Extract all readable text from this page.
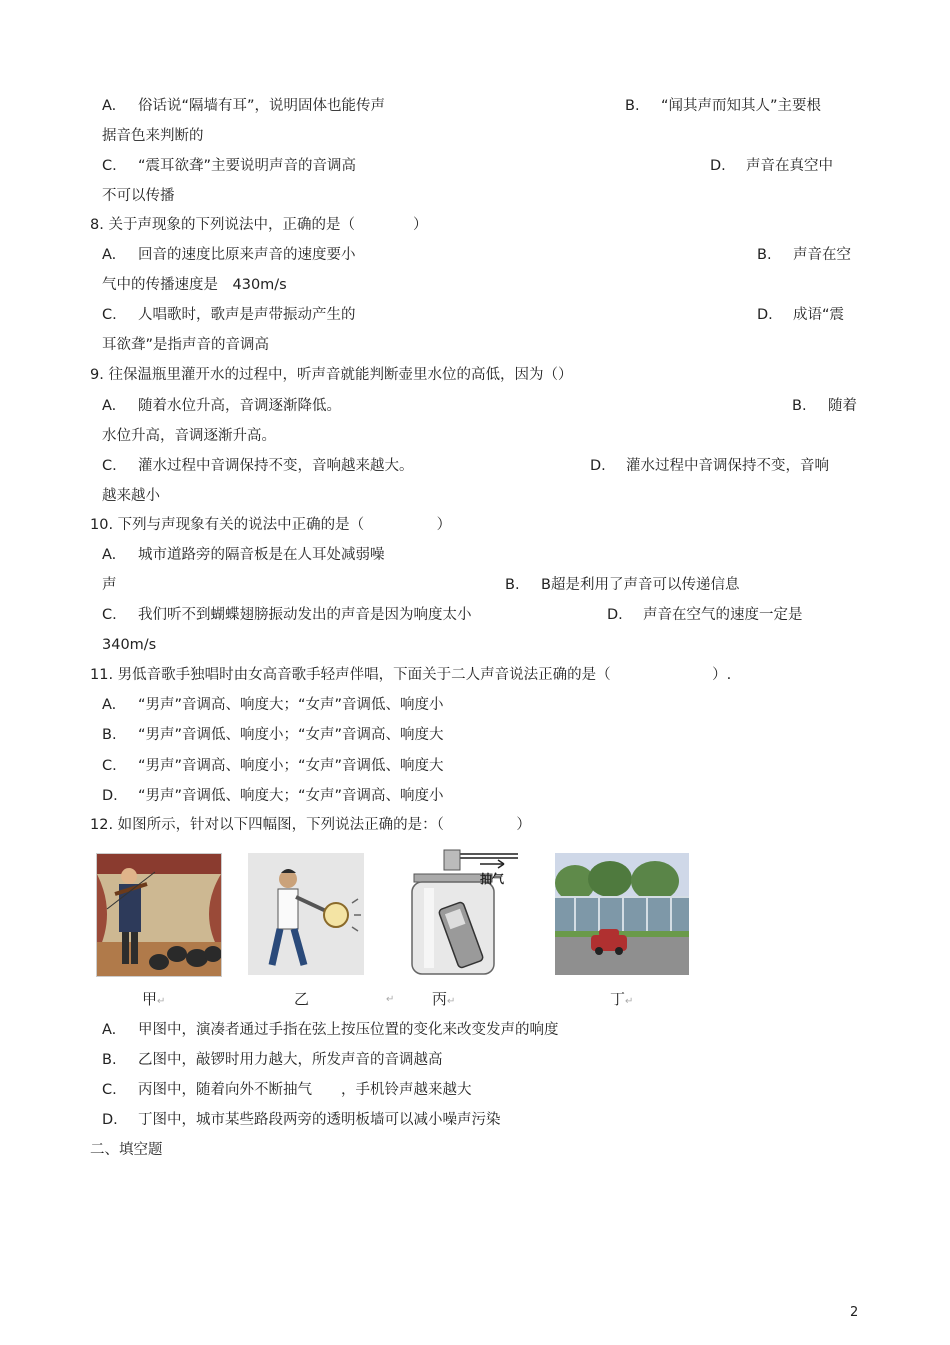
A. 俗话说“隔墙有耳”，说明固体也能传声	B. “闻其声而知其人”主要根
据音色来判断的
C. “震耳欲聋”主要说明声音的音调高	D. 声音在真空中
不可以传播
8. 关于声现象的下列说法中，正确的是（　　　　）
A. 回音的速度比原来声音的速度要小	B. 声音在空
气中的传播速度是　430m/s
C. 人唱歌时，歌声是声带振动产生的	D. 成语“震
耳欲聋”是指声音的音调高
9. 往保温瓶里灌开水的过程中，听声音就能判断壶里水位的高低，因为（）
A. 随着水位升高，音调逐渐降低。	B. 随着
水位升高，音调逐渐升高。
C. 灌水过程中音调保持不变，音响越来越大。	D. 灌水过程中音调保持不变，音响
越来越小
10. 下列与声现象有关的说法中正确的是（　　　　　）
A. 城市道路旁的隔音板是在人耳处减弱噪
声	B. B超是利用了声音可以传递信息
C. 我们听不到蝴蝶翅膀振动发出的声音是因为响度太小	D. 声音在空气的速度一定是
340m/s
11. 男低音歌手独唱时由女高音歌手轻声伴唱，下面关于二人声音说法正确的是（　　　　　　　）.
A. “男声”音调高、响度大；“女声”音调低、响度小
B. “男声”音调低、响度小；“女声”音调高、响度大
C. “男声”音调高、响度小；“女声”音调低、响度大
D. “男声”音调低、响度大；“女声”音调高、响度小
12. 如图所示，针对以下四幅图，下列说法正确的是：（　　　　　）
抽气
甲↵	乙	↵	丙↵	丁↵
A. 甲图中，演凑者通过手指在弦上按压位置的变化来改变发声的响度
B. 乙图中，敲锣时用力越大，所发声音的音调越高
C. 丙图中，随着向外不断抽气　　，手机铃声越来越大
D. 丁图中，城市某些路段两旁的透明板墙可以减小噪声污染
二、填空题
2
